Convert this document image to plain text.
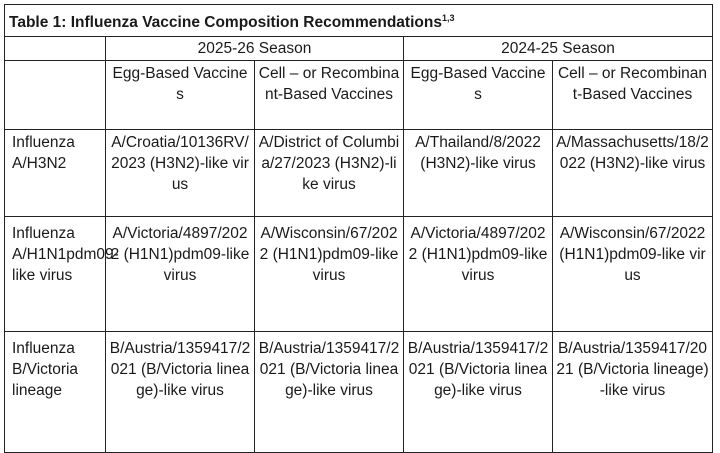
Table 1: Influenza Vaccine Composition Recommendations$^{1,3}$
	2025-26 Season		2024-25 Season	

	Egg-Based Vaccines	Cell – or Recombinant-Based Vaccines	Egg-Based Vaccines	Cell – or Recombinant-Based Vaccines

Influenza A/H3N2	A/Croatia/10136RV/2023 (H3N2)-like virus	A/District of Columbia/27/2023 (H3N2)-like virus	A/Thailand/8/2022 (H3N2)-like virus	A/Massachusetts/18/2022 (H3N2)-like virus

Influenza A/H1N1pdm09-like virus	A/Victoria/4897/2022 (H1N1)pdm09-like virus	A/Wisconsin/67/2022 (H1N1)pdm09-like virus	A/Victoria/4897/2022 (H1N1)pdm09-like virus	A/Wisconsin/67/2022 (H1N1)pdm09-like virus

Influenza B/Victoria lineage	B/Austria/1359417/2021 (B/Victoria lineage)-like virus	B/Austria/1359417/2021 (B/Victoria lineage)-like virus	B/Austria/1359417/2021 (B/Victoria lineage)-like virus	B/Austria/1359417/2021 (B/Victoria lineage)-like virus
